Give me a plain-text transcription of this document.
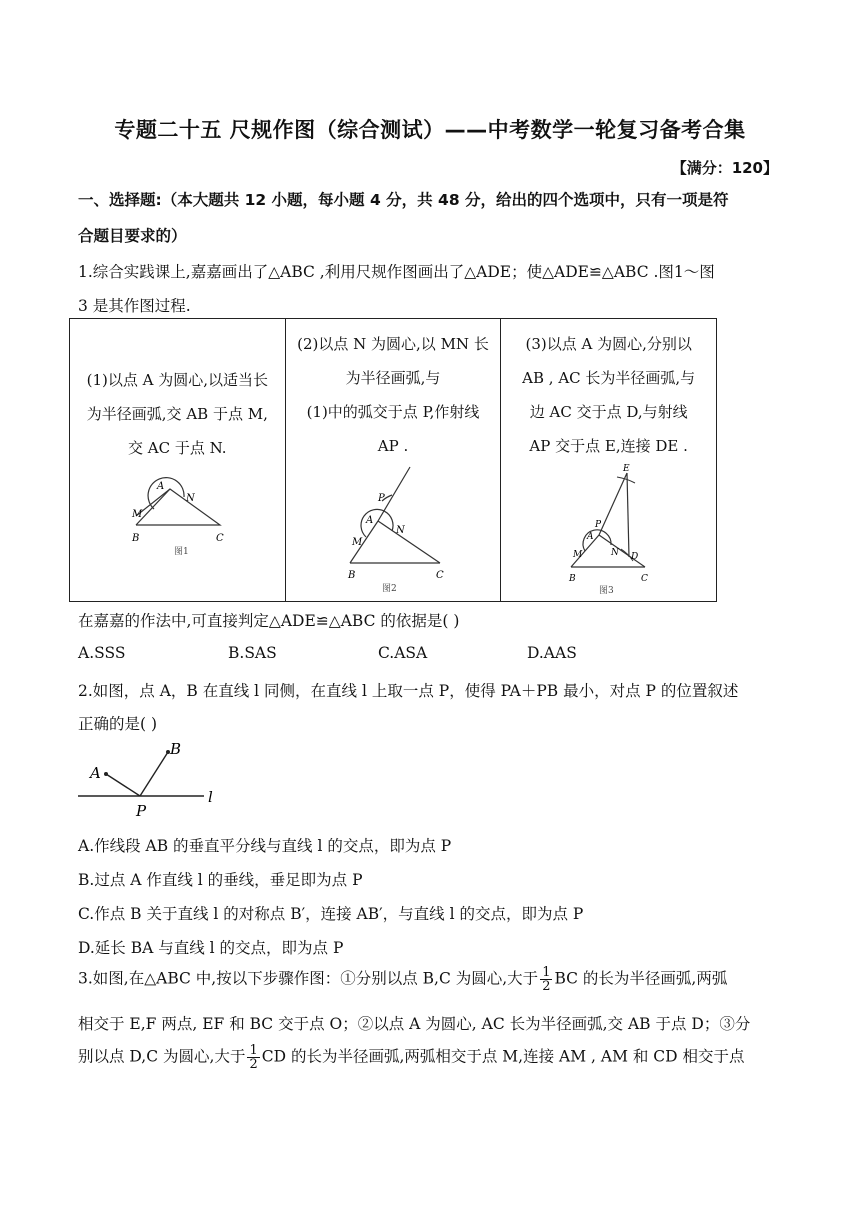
专题二十五 尺规作图（综合测试）——中考数学一轮复习备考合集
【满分：120】
一、选择题:（本大题共 12 小题，每小题 4 分，共 48 分，给出的四个选项中，只有一项是符
合题目要求的）
1.综合实践课上,嘉嘉画出了△ABC ,利用尺规作图画出了△ADE；使△ADE≌△ABC .图1～图
3 是其作图过程.
(1)以点 A 为圆心,以适当长
为半径画弧,交 AB 于点 M,
交 AC 于点 N.
A
M
N
B	C
图1

(2)以点 N 为圆心,以 MN 长
为半径画弧,与
(1)中的弧交于点 P,作射线
AP .
P
A
M
N
B	C
图2

(3)以点 A 为圆心,分别以
AB , AC 长为半径画弧,与
边 AC 交于点 D,与射线
AP 交于点 E,连接 DE .
E
P
A
M	N D
B	C
图3
在嘉嘉的作法中,可直接判定△ADE≌△ABC 的依据是( )
A.SSS	B.SAS	C.ASA	D.AAS
2.如图，点 A，B 在直线 l 同侧，在直线 l 上取一点 P，使得 PA＋PB 最小，对点 P 的位置叙述
正确的是( )
A
B
P
l
A.作线段 AB 的垂直平分线与直线 l 的交点，即为点 P
B.过点 A 作直线 l 的垂线，垂足即为点 P
C.作点 B 关于直线 l 的对称点 B′，连接 AB′，与直线 l 的交点，即为点 P
D.延长 BA 与直线 l 的交点，即为点 P
3.如图,在△ABC 中,按以下步骤作图：①分别以点 B,C 为圆心,大于 $\frac{1}{2}$ BC 的长为半径画弧,两弧
相交于 E,F 两点, EF 和 BC 交于点 O；②以点 A 为圆心, AC 长为半径画弧,交 AB 于点 D；③分
别以点 D,C 为圆心,大于 $\frac{1}{2}$ CD 的长为半径画弧,两弧相交于点 M,连接 AM , AM 和 CD 相交于点
